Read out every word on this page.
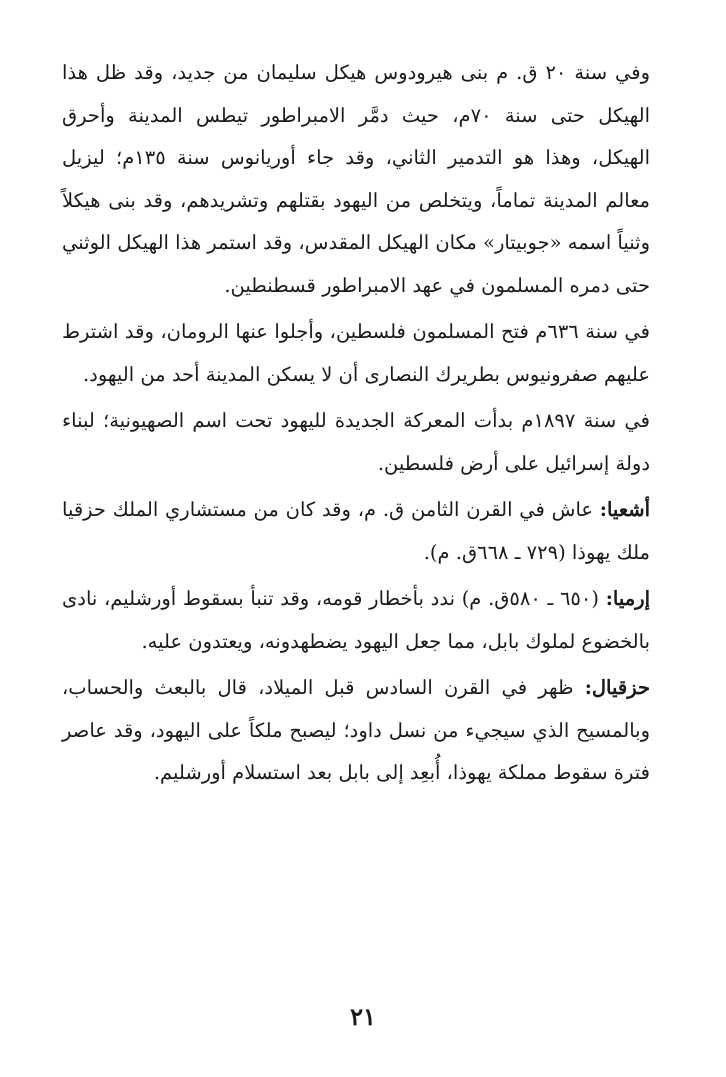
وفي سنة ٢٠ ق. م بنى هيرودوس هيكل سليمان من جديد، وقد ظل هذا الهيكل حتى سنة ٧٠م، حيث دمَّر الامبراطور تيطس المدينة وأحرق الهيكل، وهذا هو التدمير الثاني، وقد جاء أوريانوس سنة ١٣٥م؛ ليزيل معالم المدينة تماماً، ويتخلص من اليهود بقتلهم وتشريدهم، وقد بنى هيكلاً وثنياً اسمه «جوبيتار» مكان الهيكل المقدس، وقد استمر هذا الهيكل الوثني حتى دمره المسلمون في عهد الامبراطور قسطنطين.

في سنة ٦٣٦م فتح المسلمون فلسطين، وأجلوا عنها الرومان، وقد اشترط عليهم صفرونيوس بطريرك النصارى أن لا يسكن المدينة أحد من اليهود.

في سنة ١٨٩٧م بدأت المعركة الجديدة لليهود تحت اسم الصهيونية؛ لبناء دولة إسرائيل على أرض فلسطين.

أشعيا: عاش في القرن الثامن ق. م، وقد كان من مستشاري الملك حزقيا ملك يهوذا (٧٢٩ ـ ٦٦٨ق. م).

إرميا: (٦٥٠ ـ ٥٨٠ق. م) ندد بأخطار قومه، وقد تنبأ بسقوط أورشليم، نادى بالخضوع لملوك بابل، مما جعل اليهود يضطهدونه، ويعتدون عليه.

حزقيال: ظهر في القرن السادس قبل الميلاد، قال بالبعث والحساب، وبالمسيح الذي سيجيء من نسل داود؛ ليصبح ملكاً على اليهود، وقد عاصر فترة سقوط مملكة يهوذا، أُبعِد إلى بابل بعد استسلام أورشليم.

٢١
